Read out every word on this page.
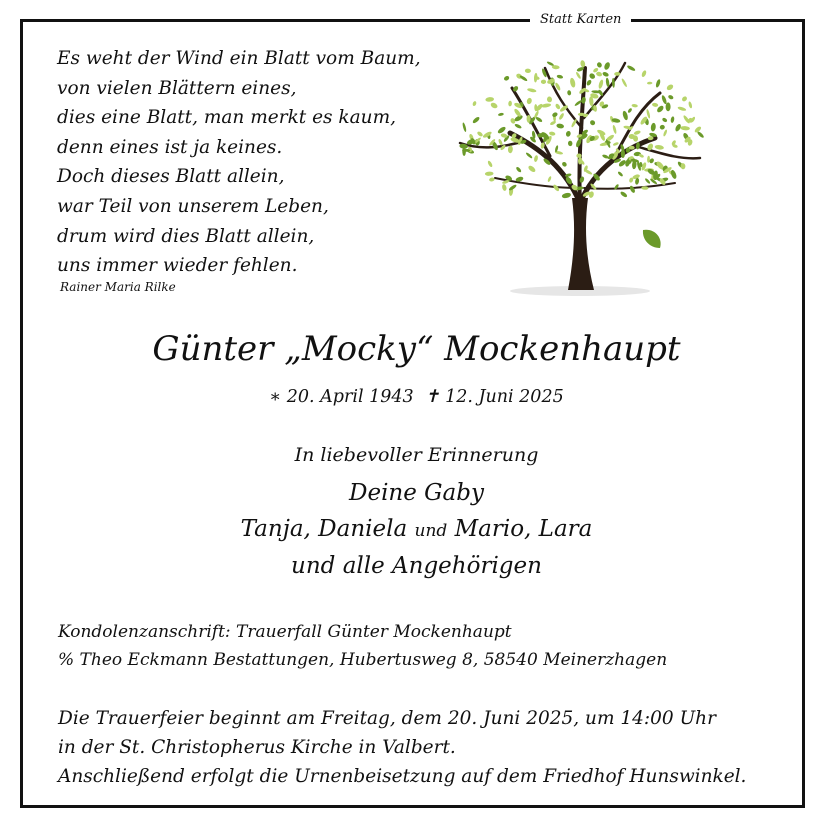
Statt Karten
Es weht der Wind ein Blatt vom Baum,
von vielen Blättern eines,
dies eine Blatt, man merkt es kaum,
denn eines ist ja keines.
Doch dieses Blatt allein,
war Teil von unserem Leben,
drum wird dies Blatt allein,
uns immer wieder fehlen.
Rainer Maria Rilke
Günter „Mocky“ Mockenhaupt
∗ 20. April 1943 ✝ 12. Juni 2025
In liebevoller Erinnerung
Deine Gaby
Tanja, Daniela und Mario, Lara
und alle Angehörigen
Kondolenzanschrift: Trauerfall Günter Mockenhaupt
% Theo Eckmann Bestattungen, Hubertusweg 8, 58540 Meinerzhagen
Die Trauerfeier beginnt am Freitag, dem 20. Juni 2025, um 14:00 Uhr
in der St. Christopherus Kirche in Valbert.
Anschließend erfolgt die Urnenbeisetzung auf dem Friedhof Hunswinkel.
